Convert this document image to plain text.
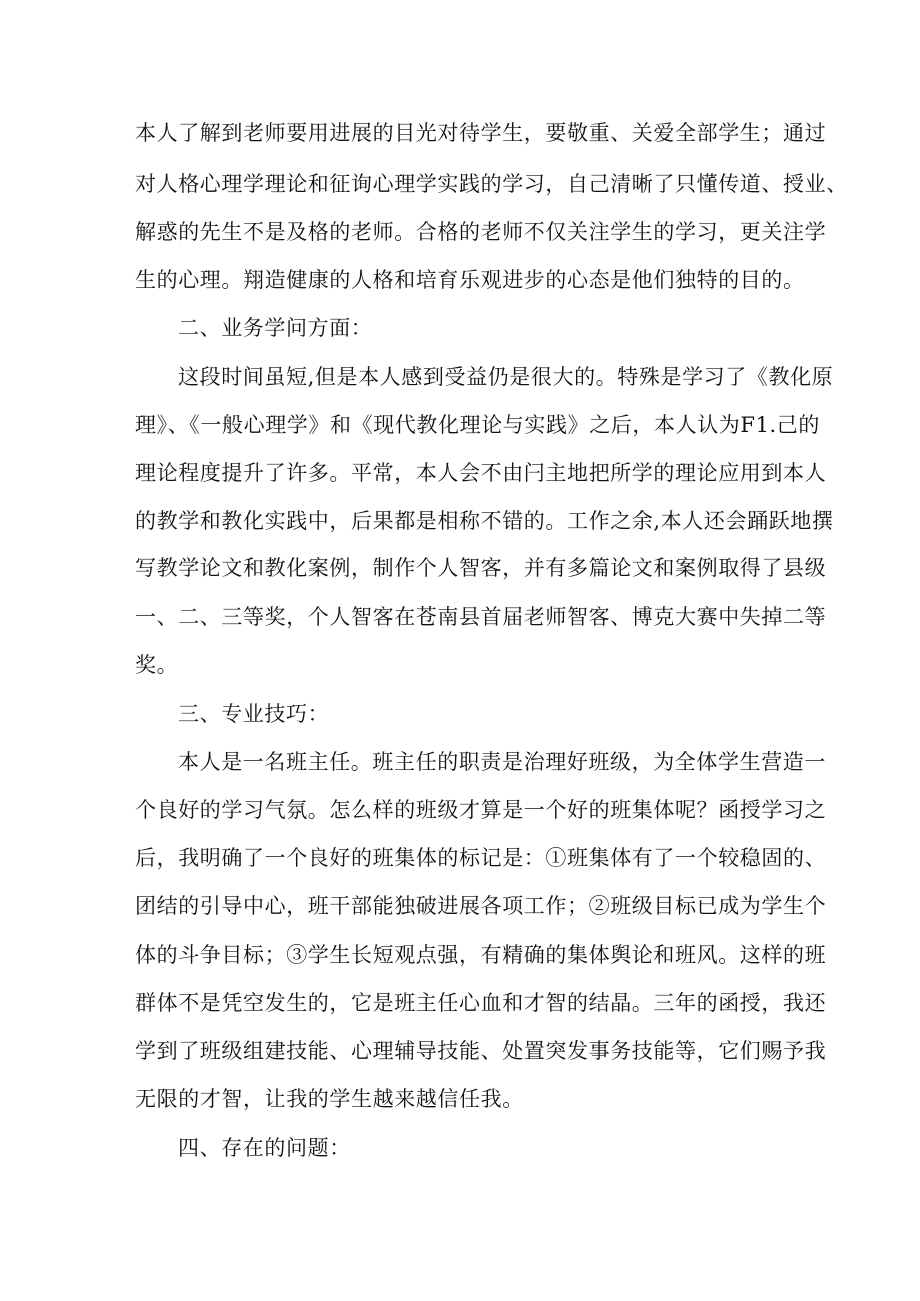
本人了解到老师要用进展的目光对待学生，要敬重、关爱全部学生；通过
对人格心理学理论和征询心理学实践的学习，自己清晰了只懂传道、授业、
解惑的先生不是及格的老师。合格的老师不仅关注学生的学习，更关注学
生的心理。翔造健康的人格和培育乐观进步的心态是他们独特的目的。
二、业务学问方面：
这段时间虽短,但是本人感到受益仍是很大的。特殊是学习了《教化原
理》、《一般心理学》和《现代教化理论与实践》之后，本人认为F1.己的
理论程度提升了许多。平常，本人会不由闩主地把所学的理论应用到本人
的教学和教化实践中，后果都是相称不错的。工作之余,本人还会踊跃地撰
写教学论文和教化案例，制作个人智客，并有多篇论文和案例取得了县级
一、二、三等奖，个人智客在苍南县首届老师智客、博克大赛中失掉二等
奖。
三、专业技巧：
本人是一名班主任。班主任的职责是治理好班级，为全体学生营造一
个良好的学习气氛。怎么样的班级才算是一个好的班集体呢？函授学习之
后，我明确了一个良好的班集体的标记是：①班集体有了一个较稳固的、
团结的引导中心，班干部能独破进展各项工作；②班级目标已成为学生个
体的斗争目标；③学生长短观点强，有精确的集体舆论和班风。这样的班
群体不是凭空发生的，它是班主任心血和才智的结晶。三年的函授，我还
学到了班级组建技能、心理辅导技能、处置突发事务技能等，它们赐予我
无限的才智，让我的学生越来越信任我。
四、存在的问题：
